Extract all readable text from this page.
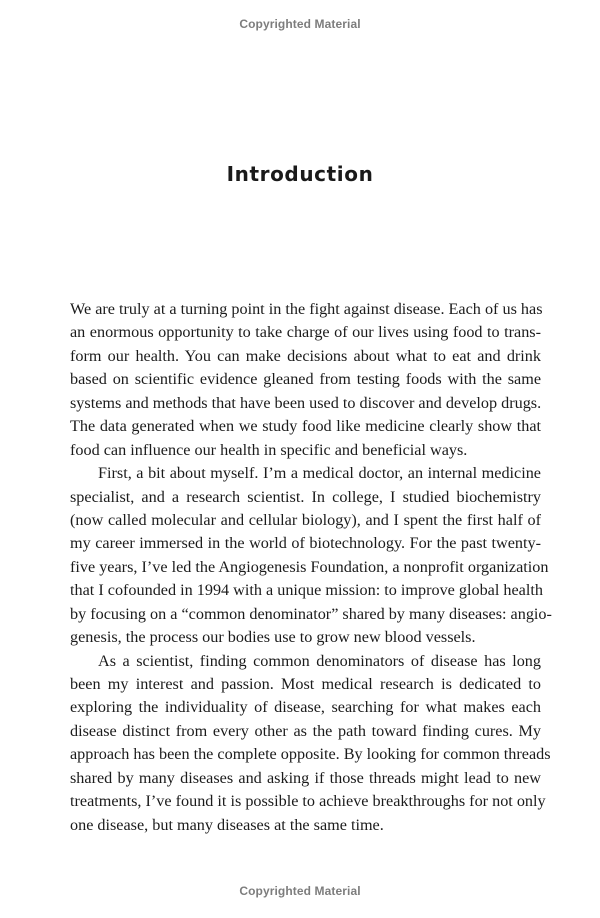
Copyrighted Material
Introduction
We are truly at a turning point in the fight against disease. Each of us has
an enormous opportunity to take charge of our lives using food to trans-
form our health. You can make decisions about what to eat and drink
based on scientific evidence gleaned from testing foods with the same
systems and methods that have been used to discover and develop drugs.
The data generated when we study food like medicine clearly show that
food can influence our health in specific and beneficial ways.
First, a bit about myself. I’m a medical doctor, an internal medicine
specialist, and a research scientist. In college, I studied biochemistry
(now called molecular and cellular biology), and I spent the first half of
my career immersed in the world of biotechnology. For the past twenty-
five years, I’ve led the Angiogenesis Foundation, a nonprofit organization
that I cofounded in 1994 with a unique mission: to improve global health
by focusing on a “common denominator” shared by many diseases: angio-
genesis, the process our bodies use to grow new blood vessels.
As a scientist, finding common denominators of disease has long
been my interest and passion. Most medical research is dedicated to
exploring the individuality of disease, searching for what makes each
disease distinct from every other as the path toward finding cures. My
approach has been the complete opposite. By looking for common threads
shared by many diseases and asking if those threads might lead to new
treatments, I’ve found it is possible to achieve breakthroughs for not only
one disease, but many diseases at the same time.
Copyrighted Material
